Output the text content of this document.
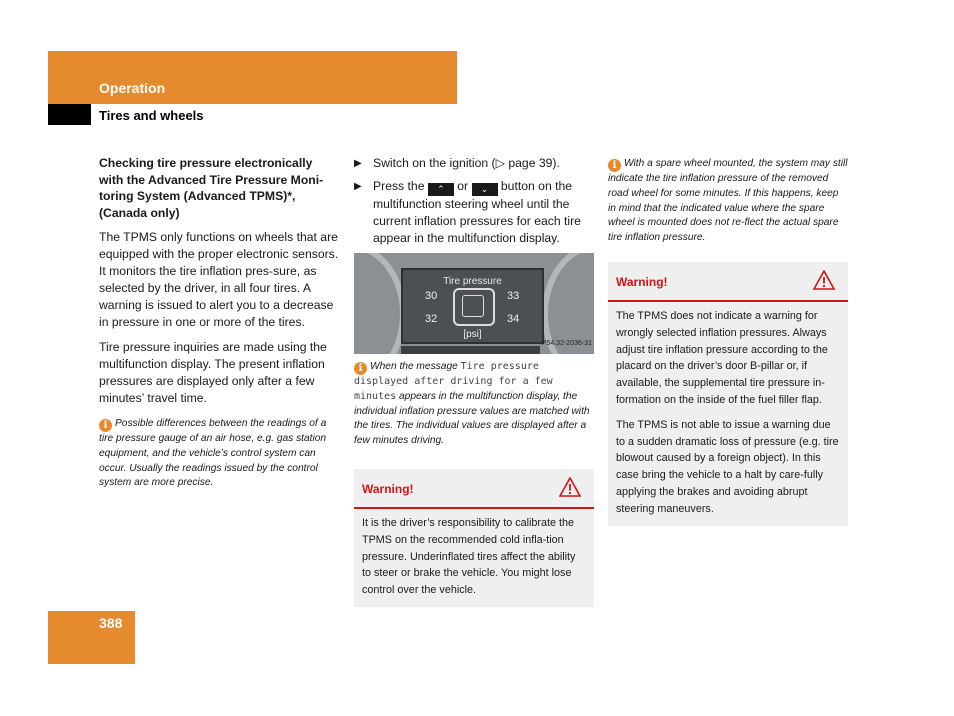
Operation
Tires and wheels
Checking tire pressure electronically with the Advanced Tire Pressure Moni-toring System (Advanced TPMS)*, (Canada only)

The TPMS only functions on wheels that are equipped with the proper electronic sensors. It monitors the tire inflation pres-sure, as selected by the driver, in all four tires. A warning is issued to alert you to a decrease in pressure in one or more of the tires.

Tire pressure inquiries are made using the multifunction display. The present inflation pressures are displayed only after a few minutes’ travel time.

i Possible differences between the readings of a tire pressure gauge of an air hose, e.g. gas station equipment, and the vehicle’s control system can occur. Usually the readings issued by the control system are more precise.
▶ Switch on the ignition (▷ page 39).
▶ Press the ⌃ or ⌄ button on the multifunction steering wheel until the current inflation pressures for each tire appear in the multifunction display.
Tire pressure
30	33
32	34
[psi]
P54.32-2036-31
i When the message Tire pressure displayed after driving for a few minutes appears in the multifunction display, the individual inflation pressure values are matched with the tires. The individual values are displayed after a few minutes driving.
Warning!

It is the driver’s responsibility to calibrate the TPMS on the recommended cold infla-tion pressure. Underinflated tires affect the ability to steer or brake the vehicle. You might lose control over the vehicle.

i With a spare wheel mounted, the system may still indicate the tire inflation pressure of the removed road wheel for some minutes. If this happens, keep in mind that the indicated value where the spare wheel is mounted does not re-flect the actual spare tire inflation pressure.
Warning!

The TPMS does not indicate a warning for wrongly selected inflation pressures. Always adjust tire inflation pressure according to the placard on the driver’s door B-pillar or, if available, the supplemental tire pressure in-formation on the inside of the fuel filler flap.

The TPMS is not able to issue a warning due to a sudden dramatic loss of pressure (e.g. tire blowout caused by a foreign object). In this case bring the vehicle to a halt by care-fully applying the brakes and avoiding abrupt steering maneuvers.

388
